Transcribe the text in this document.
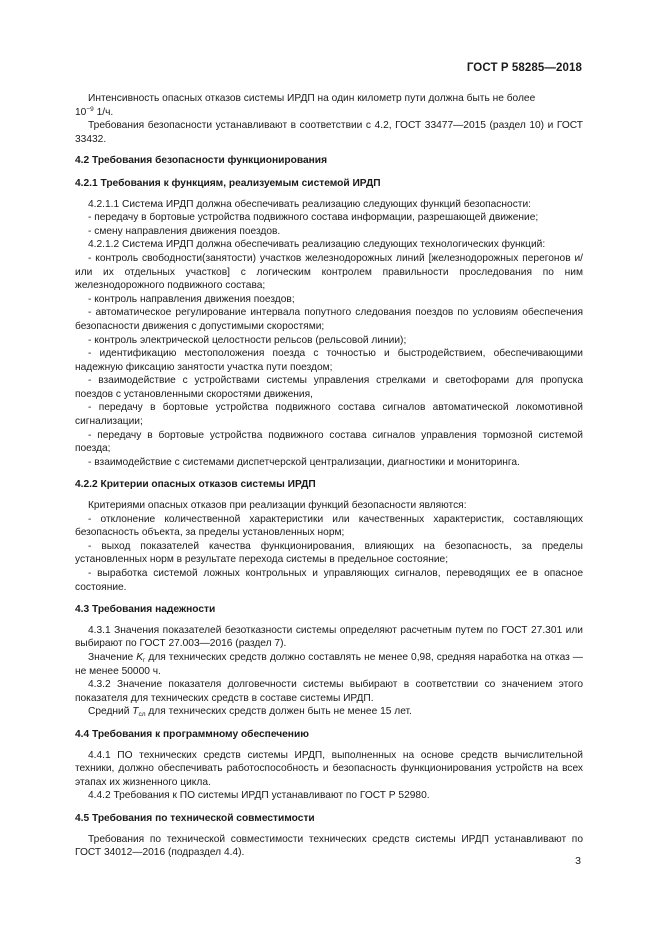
ГОСТ Р 58285—2018

Интенсивность опасных отказов системы ИРДП на один километр пути должна быть не более

$10^{-9}$ 1/ч.

Требования безопасности устанавливают в соответствии с 4.2, ГОСТ 33477—2015 (раздел 10) и ГОСТ 33432.

4.2 Требования безопасности функционирования

4.2.1 Требования к функциям, реализуемым системой ИРДП

4.2.1.1 Система ИРДП должна обеспечивать реализацию следующих функций безопасности:

- передачу в бортовые устройства подвижного состава информации, разрешающей движение;

- смену направления движения поездов.

4.2.1.2 Система ИРДП должна обеспечивать реализацию следующих технологических функций:

- контроль свободности(занятости) участков железнодорожных линий [железнодорожных перегонов и/или их отдельных участков] с логическим контролем правильности проследования по ним железнодорожного подвижного состава;

- контроль направления движения поездов;

- автоматическое регулирование интервала попутного следования поездов по условиям обеспечения безопасности движения с допустимыми скоростями;

- контроль электрической целостности рельсов (рельсовой линии);

- идентификацию местоположения поезда с точностью и быстродействием, обеспечивающими надежную фиксацию занятости участка пути поездом;

- взаимодействие с устройствами системы управления стрелками и светофорами для пропуска поездов с установленными скоростями движения,

- передачу в бортовые устройства подвижного состава сигналов автоматической локомотивной сигнализации;

- передачу в бортовые устройства подвижного состава сигналов управления тормозной системой поезда;

- взаимодействие с системами диспетчерской централизации, диагностики и мониторинга.

4.2.2 Критерии опасных отказов системы ИРДП

Критериями опасных отказов при реализации функций безопасности являются:

- отклонение количественной характеристики или качественных характеристик, составляющих безопасность объекта, за пределы установленных норм;

- выход показателей качества функционирования, влияющих на безопасность, за пределы установленных норм в результате перехода системы в предельное состояние;

- выработка системой ложных контрольных и управляющих сигналов, переводящих ее в опасное состояние.

4.3 Требования надежности

4.3.1 Значения показателей безотказности системы определяют расчетным путем по ГОСТ 27.301 или выбирают по ГОСТ 27.003—2016 (раздел 7).

Значение $K_г$ для технических средств должно составлять не менее 0,98, средняя наработка на отказ — не менее 50000 ч.

4.3.2 Значение показателя долговечности системы выбирают в соответствии со значением этого показателя для технических средств в составе системы ИРДП.

Средний $T_{сл}$ для технических средств должен быть не менее 15 лет.

4.4 Требования к программному обеспечению

4.4.1 ПО технических средств системы ИРДП, выполненных на основе средств вычислительной техники, должно обеспечивать работоспособность и безопасность функционирования устройств на всех этапах их жизненного цикла.

4.4.2 Требования к ПО системы ИРДП устанавливают по ГОСТ Р 52980.

4.5 Требования по технической совместимости

Требования по технической совместимости технических средств системы ИРДП устанавливают по ГОСТ 34012—2016 (подраздел 4.4).

3
